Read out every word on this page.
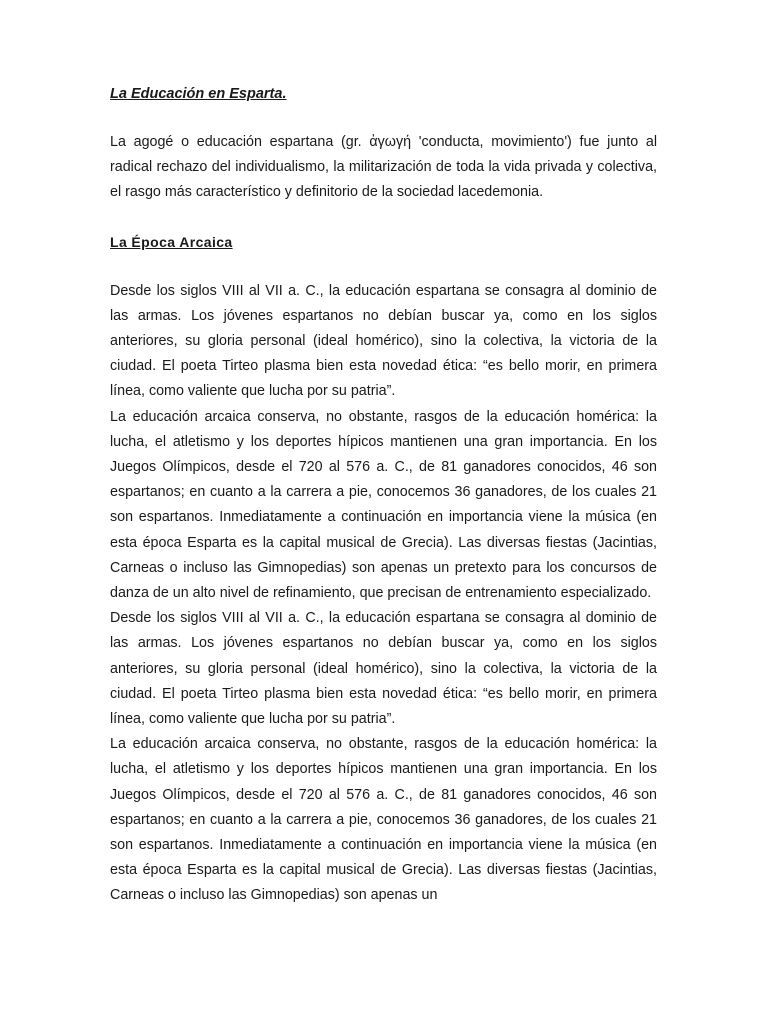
La Educación en Esparta.

La agogé o educación espartana (gr. ἀγωγή 'conducta, movimiento') fue junto al radical rechazo del individualismo, la militarización de toda la vida privada y colectiva, el rasgo más característico y definitorio de la sociedad lacedemonia.

La Época Arcaica

Desde los siglos VIII al VII a. C., la educación espartana se consagra al dominio de las armas. Los jóvenes espartanos no debían buscar ya, como en los siglos anteriores, su gloria personal (ideal homérico), sino la colectiva, la victoria de la ciudad. El poeta Tirteo plasma bien esta novedad ética: “es bello morir, en primera línea, como valiente que lucha por su patria”.

La educación arcaica conserva, no obstante, rasgos de la educación homérica: la lucha, el atletismo y los deportes hípicos mantienen una gran importancia. En los Juegos Olímpicos, desde el 720 al 576 a. C., de 81 ganadores conocidos, 46 son espartanos; en cuanto a la carrera a pie, conocemos 36 ganadores, de los cuales 21 son espartanos. Inmediatamente a continuación en importancia viene la música (en esta época Esparta es la capital musical de Grecia). Las diversas fiestas (Jacintias, Carneas o incluso las Gimnopedias) son apenas un pretexto para los concursos de danza de un alto nivel de refinamiento, que precisan de entrenamiento especializado.

Desde los siglos VIII al VII a. C., la educación espartana se consagra al dominio de las armas. Los jóvenes espartanos no debían buscar ya, como en los siglos anteriores, su gloria personal (ideal homérico), sino la colectiva, la victoria de la ciudad. El poeta Tirteo plasma bien esta novedad ética: “es bello morir, en primera línea, como valiente que lucha por su patria”.

La educación arcaica conserva, no obstante, rasgos de la educación homérica: la lucha, el atletismo y los deportes hípicos mantienen una gran importancia. En los Juegos Olímpicos, desde el 720 al 576 a. C., de 81 ganadores conocidos, 46 son espartanos; en cuanto a la carrera a pie, conocemos 36 ganadores, de los cuales 21 son espartanos. Inmediatamente a continuación en importancia viene la música (en esta época Esparta es la capital musical de Grecia). Las diversas fiestas (Jacintias, Carneas o incluso las Gimnopedias) son apenas un
